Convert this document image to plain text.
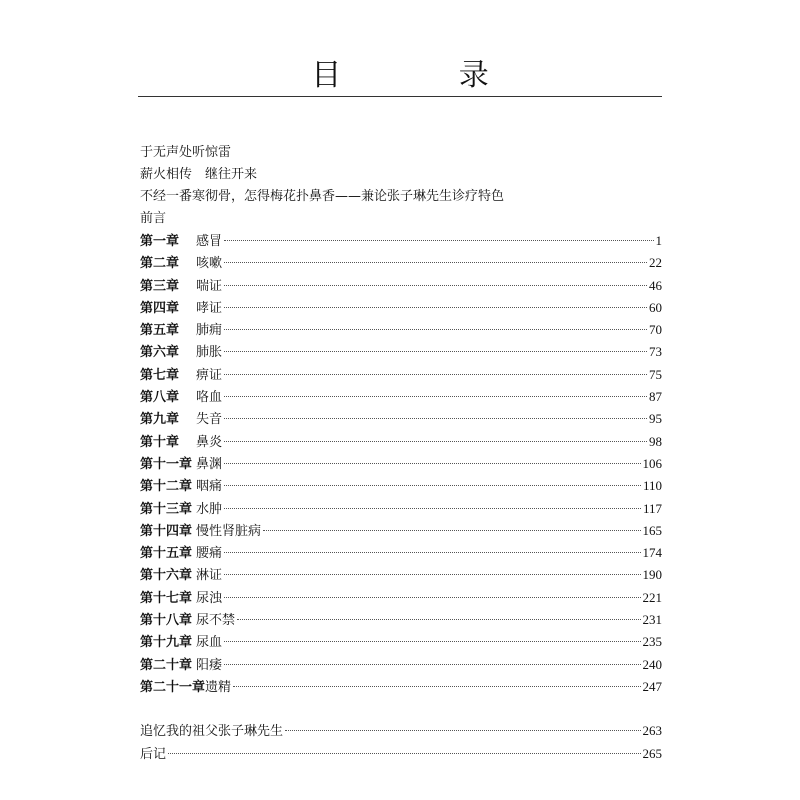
目 录
于无声处听惊雷
薪火相传　继往开来
不经一番寒彻骨，怎得梅花扑鼻香——兼论张子琳先生诊疗特色
前言
第一章	感冒	1
第二章	咳嗽	22
第三章	喘证	46
第四章	哮证	60
第五章	肺痈	70
第六章	肺胀	73
第七章	痹证	75
第八章	咯血	87
第九章	失音	95
第十章	鼻炎	98
第十一章 鼻渊	106
第十二章 咽痛	110
第十三章 水肿	117
第十四章 慢性肾脏病	165
第十五章 腰痛	174
第十六章 淋证	190
第十七章 尿浊	221
第十八章 尿不禁	231
第十九章 尿血	235
第二十章 阳痿	240
第二十一章 遗精	247
追忆我的祖父张子琳先生	263
后记	265
